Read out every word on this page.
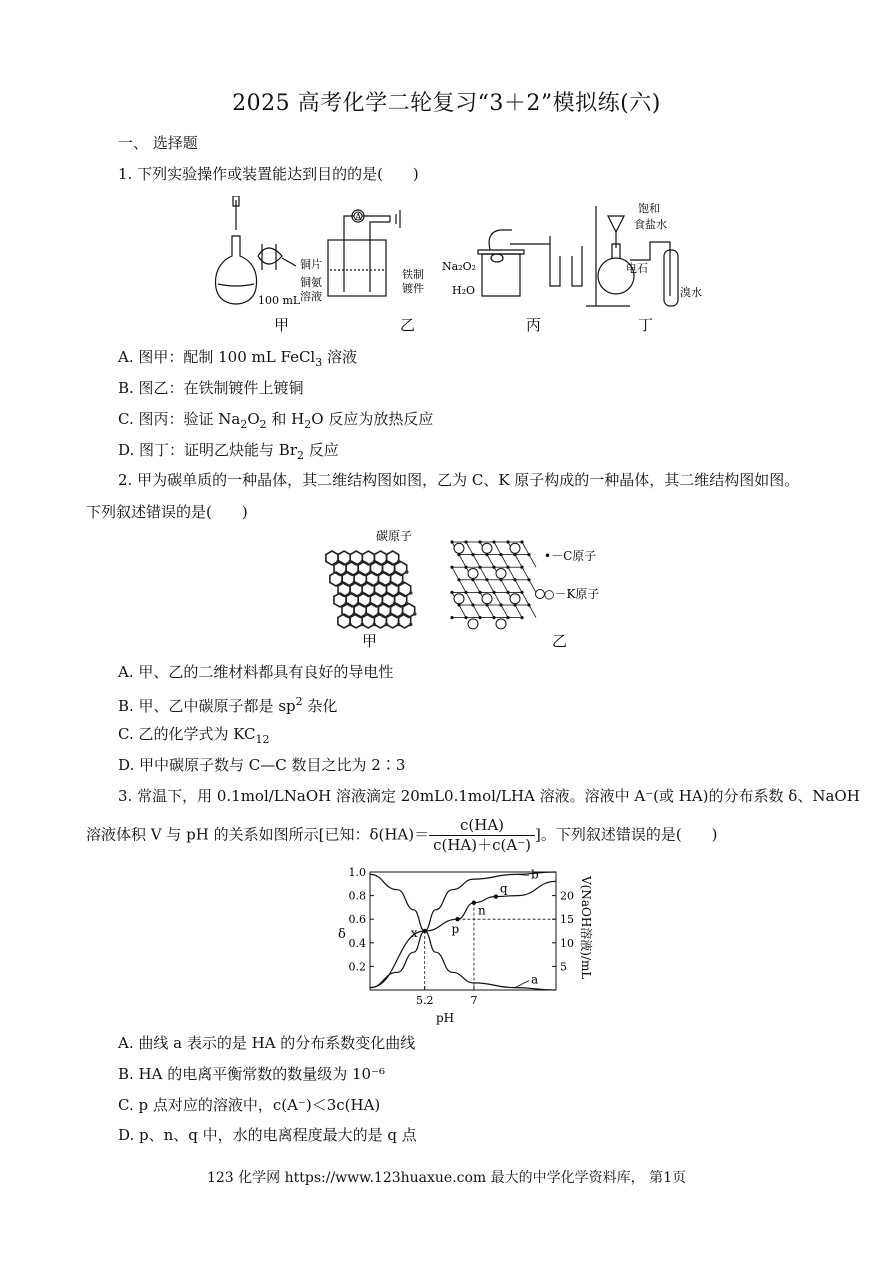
2025 高考化学二轮复习“3＋2”模拟练(六)
一、 选择题
1. 下列实验操作或装置能达到目的的是(　　)
A
100 mL
铜片
铜氨
溶液
铁制
镀件
Na₂O₂
H₂O
饱和
食盐水
电石
溴水
甲	乙	丙	丁
A. 图甲：配制 100 mL FeCl$_3$ 溶液
B. 图乙：在铁制镀件上镀铜
C. 图丙：验证 $Na_2O_2$ 和 $H_2O$ 反应为放热反应
D. 图丁：证明乙炔能与 $Br_2$ 反应
2. 甲为碳单质的一种晶体，其二维结构图如图，乙为 C、K 原子构成的一种晶体，其二维结构图如图。
下列叙述错误的是(　　)
碳原子
•－C原子
○－K原子
甲	乙
A. 甲、乙的二维材料都具有良好的导电性
B. 甲、乙中碳原子都是 $sp^2$ 杂化
C. 乙的化学式为 $KC_{12}$
D. 甲中碳原子数与 C—C 数目之比为 2∶3
3. 常温下，用 0.1mol/LNaOH 溶液滴定 20mL0.1mol/LHA 溶液。溶液中 A⁻(或 HA)的分布系数 δ、NaOH
溶液体积 V 与 pH 的关系如图所示[已知：$\delta(HA)= \frac{c(HA)}{c(HA)+c(A^-)}$ ]。下列叙述错误的是(　　)
1.0
0.8
0.6
0.4
0.2
20
15
10
5
5.2	7
a
b
x	p
n
q
δ
pH
V(NaOH溶液)/mL
A. 曲线 a 表示的是 HA 的分布系数变化曲线
B. HA 的电离平衡常数的数量级为 10⁻⁶
C. p 点对应的溶液中，c(A⁻)＜3c(HA)
D. p、n、q 中，水的电离程度最大的是 q 点
123 化学网 https://www.123huaxue.com 最大的中学化学资料库， 第1页
